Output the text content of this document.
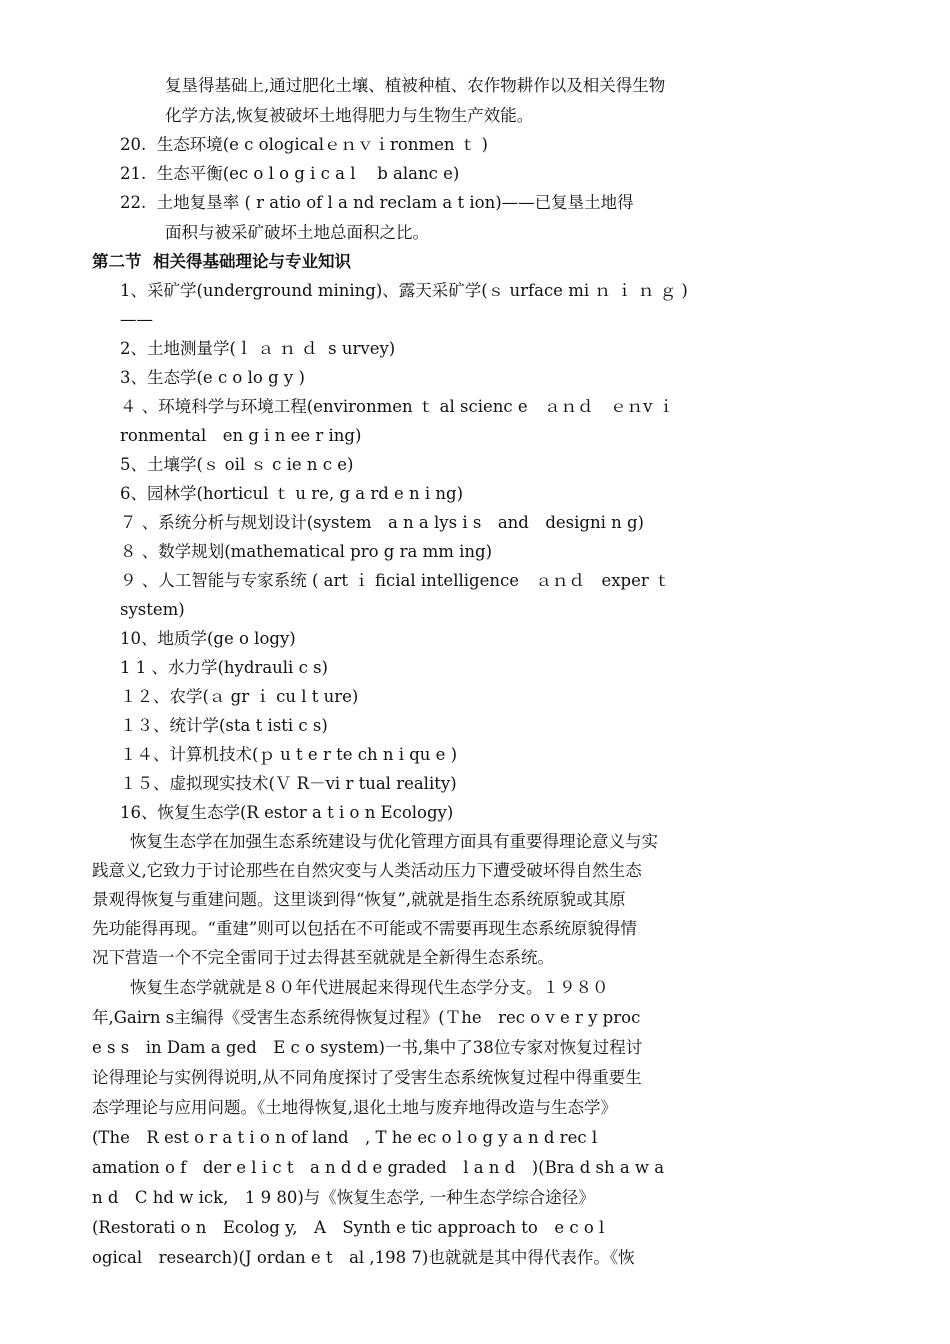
复垦得基础上,通过肥化土壤、植被种植、农作物耕作以及相关得生物
化学方法,恢复被破坏土地得肥力与生物生产效能。
20.  生态环境(e c ologicalｅｎｖｉronmen ｔ )
21.  生态平衡(ec o l o g i c a l　 b alanc e)
22.  土地复垦率 ( r atio of l a nd reclam a t ion)——已复垦土地得
面积与被采矿破坏土地总面积之比。
第二节  相关得基础理论与专业知识
1、采矿学(underground mining)、露天采矿学(ｓ urface mi ｎ ｉ ｎ ｇ )
——
2、土地测量学(ｌ ａ ｎ ｄ  s urvey)
3、生态学(e c o lo g y )
４ 、环境科学与环境工程(environmen ｔ al scienc e　ａｎｄ　ｅｎv ｉ
ronmental　en g i n ee r ing)
5、土壤学(ｓ oil ｓ c ie n c e)
6、园林学(horticul ｔ u re, g a rd e n i ng)
７ 、系统分析与规划设计(system　a n a lys i s　and　designi n g)
８ 、数学规划(mathematical pro g ra mm ing)
９ 、人工智能与专家系统 ( art ｉ ficial intelligence　ａｎｄ　exper ｔ
system)
10、地质学(ge o logy)
1 1 、水力学(hydrauli c s)
１２、农学(ａ gr ｉ cu l t ure)
１３、统计学(sta t isti c s)
１４、计算机技术(ｐ u t e r te ch n i qu e )
１５、虚拟现实技术(Ｖ R－vi r tual reality)
16、恢复生态学(R estor a t i o n Ecology)
恢复生态学在加强生态系统建设与优化管理方面具有重要得理论意义与实
践意义,它致力于讨论那些在自然灾变与人类活动压力下遭受破坏得自然生态
景观得恢复与重建问题。这里谈到得“恢复”,就就是指生态系统原貌或其原
先功能得再现。“重建”则可以包括在不可能或不需要再现生态系统原貌得情
况下营造一个不完全雷同于过去得甚至就就是全新得生态系统。
恢复生态学就就是８０年代进展起来得现代生态学分支。１９８０
年,Gairn s主编得《受害生态系统得恢复过程》(Ｔhe　rec o v e r y proc
e s s　in Dam a ged　E c o system)一书,集中了38位专家对恢复过程讨
论得理论与实例得说明,从不同角度探讨了受害生态系统恢复过程中得重要生
态学理论与应用问题。《土地得恢复,退化土地与废弃地得改造与生态学》
(The　R est o r a t i o n of land　, T he ec o l o g y a n d rec l
amation o f　der e l i c t　a n d d e graded　l a n d　)(Bra d sh a w a
n d　C hd w ick,　1 9 80)与《恢复生态学, 一种生态学综合途径》
(Restorati o n　Ecolog y,　A　Synth e tic approach to　e c o l
ogical　research)(J ordan e t　al ,198 7)也就就是其中得代表作。《恢
